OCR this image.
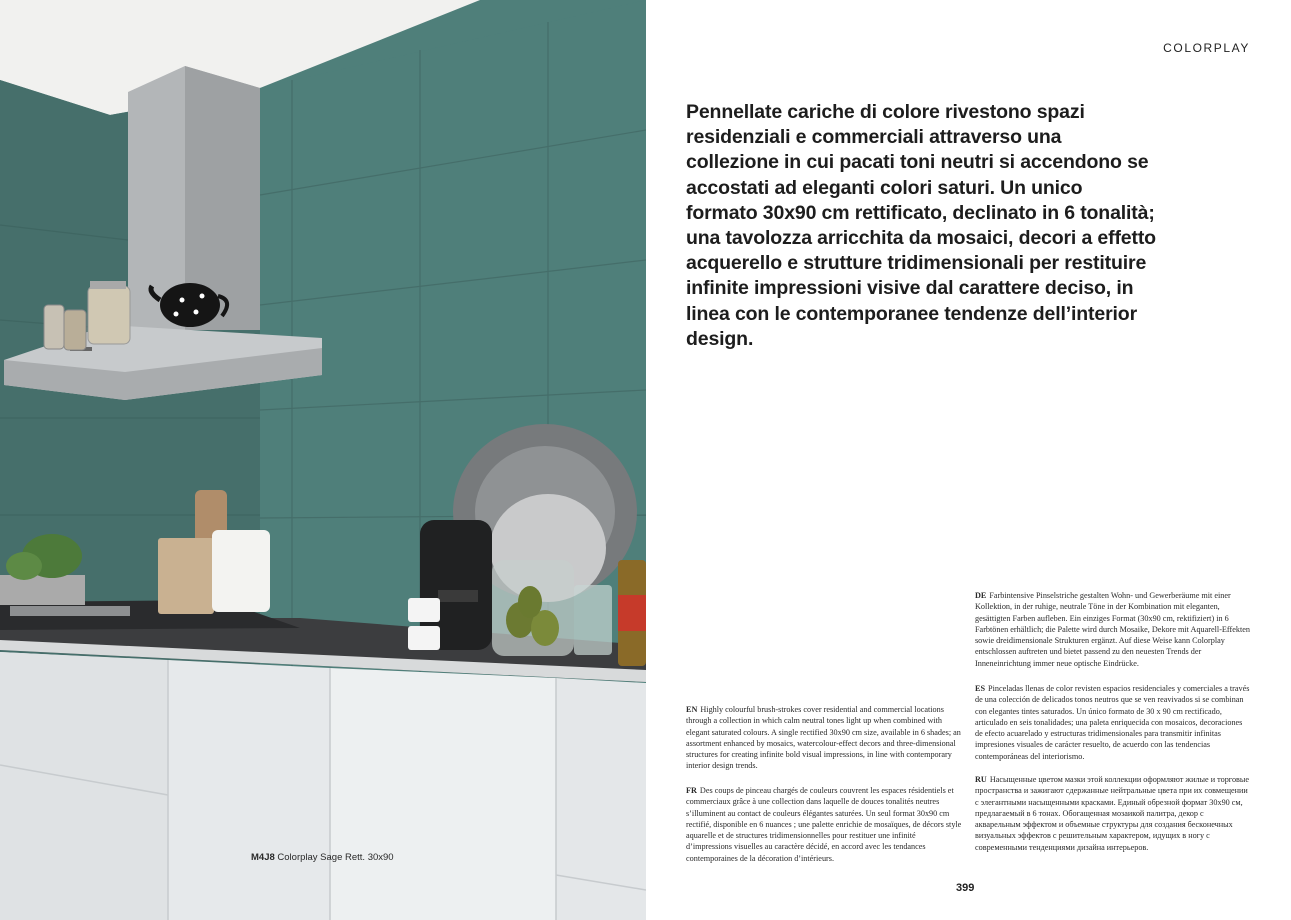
M4J8 Colorplay Sage Rett. 30x90
COLORPLAY
Pennellate cariche di colore rivestono spazi residenziali e commerciali attraverso una collezione in cui pacati toni neutri si accendono se accostati ad eleganti colori saturi. Un unico formato 30x90 cm rettificato, declinato in 6 tonalità; una tavolozza arricchita da mosaici, decori a effetto acquerello e strutture tridimensionali per restituire infinite impressioni visive dal carattere deciso, in linea con le contemporanee tendenze dell’interior design.
DE Farbintensive Pinselstriche gestalten Wohn- und Gewerberäume mit einer Kollektion, in der ruhige, neutrale Töne in der Kombination mit eleganten, gesättigten Farben aufleben. Ein einziges Format (30x90 cm, rektifiziert) in 6 Farbtönen erhältlich; die Palette wird durch Mosaike, Dekore mit Aquarell-Effekten sowie dreidimensionale Strukturen ergänzt. Auf diese Weise kann Colorplay entschlossen auftreten und bietet passend zu den neuesten Trends der Inneneinrichtung immer neue optische Eindrücke.
ES Pinceladas llenas de color revisten espacios residenciales y comerciales a través de una colección de delicados tonos neutros que se ven reavivados si se combinan con elegantes tintes saturados. Un único formato de 30 x 90 cm rectificado, articulado en seis tonalidades; una paleta enriquecida con mosaicos, decoraciones de efecto acuarelado y estructuras tridimensionales para transmitir infinitas impresiones visuales de carácter resuelto, de acuerdo con las tendencias contemporáneas del interiorismo.
RU Насыщенные цветом мазки этой коллекции оформляют жилые и торговые пространства и зажигают сдержанные нейтральные цвета при их совмещении с элегантными насыщенными красками. Единый обрезной формат 30x90 см, предлагаемый в 6 тонах. Обогащенная мозаикой палитра, декор с акварельным эффектом и объемные структуры для создания бесконечных визуальных эффектов с решительным характером, идущих в ногу с современными тенденциями дизайна интерьеров.
EN Highly colourful brush-strokes cover residential and commercial locations through a collection in which calm neutral tones light up when combined with elegant saturated colours. A single rectified 30x90 cm size, available in 6 shades; an assortment enhanced by mosaics, watercolour-effect decors and three-dimensional structures for creating infinite bold visual impressions, in line with contemporary interior design trends.
FR Des coups de pinceau chargés de couleurs couvrent les espaces résidentiels et commerciaux grâce à une collection dans laquelle de douces tonalités neutres s’illuminent au contact de couleurs élégantes saturées. Un seul format 30x90 cm rectifié, disponible en 6 nuances ; une palette enrichie de mosaïques, de décors style aquarelle et de structures tridimensionnelles pour restituer une infinité d’impressions visuelles au caractère décidé, en accord avec les tendances contemporaines de la décoration d’intérieurs.
399
